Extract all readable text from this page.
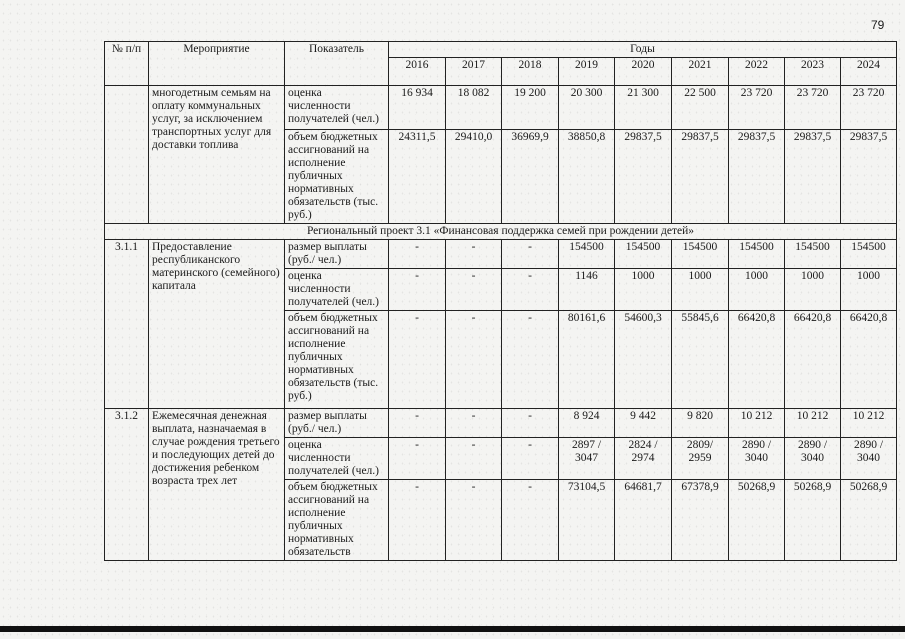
79
№ п/п	Мероприятие	Показатель	Годы								
			2016	2017	2018	2019	2020	2021	2022	2023	2024
	многодетным семьям на оплату коммунальных услуг, за исключением транспортных услуг для доставки топлива	оценка численности получателей (чел.)	16 934	18 082	19 200	20 300	21 300	22 500	23 720	23 720	23 720
		объем бюджетных ассигнований на исполнение публичных нормативных обязательств (тыс. руб.)	24311,5	29410,0	36969,9	38850,8	29837,5	29837,5	29837,5	29837,5	29837,5
Региональный проект 3.1 «Финансовая поддержка семей при рождении детей»											
3.1.1	Предоставление республиканского материнского (семейного) капитала	размер выплаты (руб./ чел.)	-	-	-	154500	154500	154500	154500	154500	154500
		оценка численности получателей (чел.)	-	-	-	1146	1000	1000	1000	1000	1000
		объем бюджетных ассигнований на исполнение публичных нормативных обязательств (тыс. руб.)	-	-	-	80161,6	54600,3	55845,6	66420,8	66420,8	66420,8
3.1.2	Ежемесячная денежная выплата, назначаемая в случае рождения третьего и последующих детей до достижения ребенком возраста трех лет	размер выплаты (руб./ чел.)	-	-	-	8 924	9 442	9 820	10 212	10 212	10 212
		оценка численности получателей (чел.)	-	-	-	2897 / 3047	2824 / 2974	2809/ 2959	2890 / 3040	2890 / 3040	2890 / 3040
		объем бюджетных ассигнований на исполнение публичных нормативных обязательств	-	-	-	73104,5	64681,7	67378,9	50268,9	50268,9	50268,9
